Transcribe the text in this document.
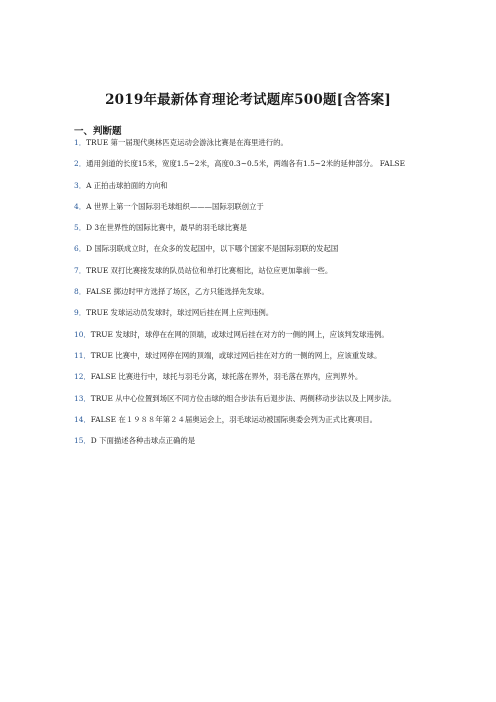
2019年最新体育理论考试题库500题[含答案]
一、判断题
1．TRUE 第一届现代奥林匹克运动会游泳比赛是在海里进行的。
2．通用剑道的长度15米，宽度1.5~2米，高度0.3~0.5米，两端各有1.5~2米的延伸部分。 FALSE
3．A 正拍击球拍面的方向和
4．A 世界上第一个国际羽毛球组织———国际羽联创立于
5．D 3在世界性的国际比赛中，最早的羽毛球比赛是
6．D 国际羽联成立时，在众多的发起国中，以下哪个国家不是国际羽联的发起国
7．TRUE 双打比赛接发球的队员站位和单打比赛相比，站位应更加靠前一些。
8．FALSE 掷边时甲方选择了场区，乙方只能选择先发球。
9．TRUE 发球运动员发球时，球过网后挂在网上应判违例。
10．TRUE 发球时，球停在在网的顶端，或球过网后挂在对方的一侧的网上，应该判发球违例。
11．TRUE 比赛中，球过网停在网的顶端，或球过网后挂在对方的一侧的网上，应该重发球。
12．FALSE 比赛进行中，球托与羽毛分离，球托落在界外，羽毛落在界内，应判界外。
13．TRUE 从中心位置到场区不同方位击球的组合步法有后退步法、两侧移动步法以及上网步法。
14．FALSE 在１９８８年第２４届奥运会上，羽毛球运动被国际奥委会列为正式比赛项目。
15．D 下面描述各种击球点正确的是
